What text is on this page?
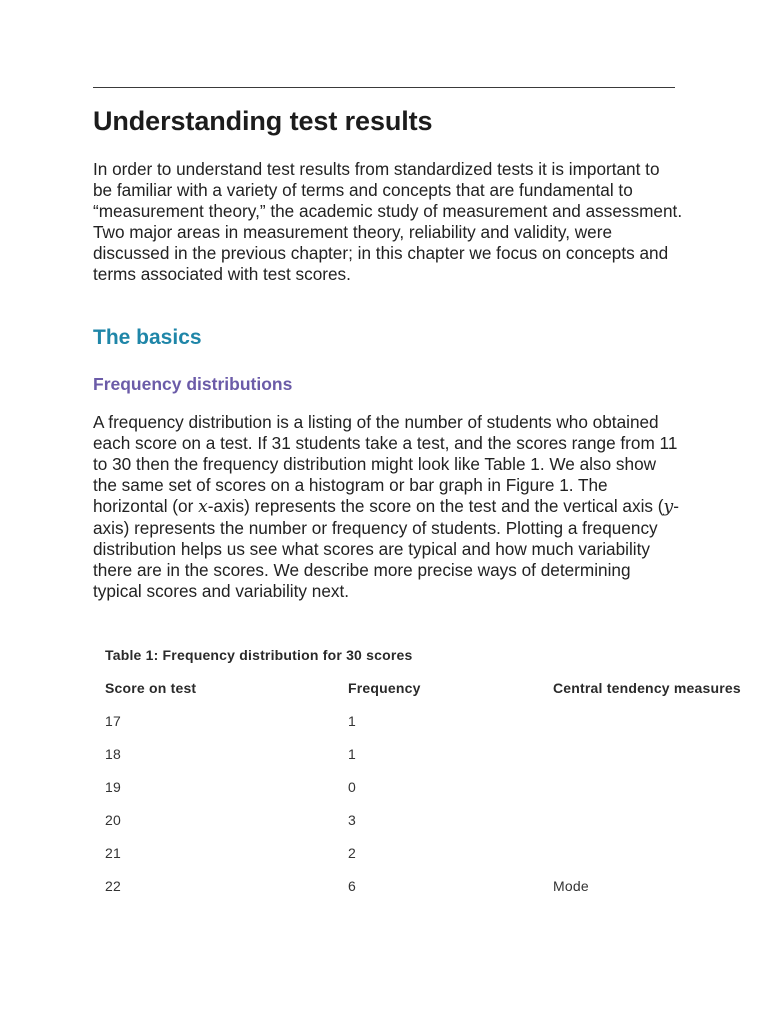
Understanding test results

In order to understand test results from standardized tests it is important to be familiar with a variety of terms and concepts that are fundamental to “measurement theory,” the academic study of measurement and assessment. Two major areas in measurement theory, reliability and validity, were discussed in the previous chapter; in this chapter we focus on concepts and terms associated with test scores.

The basics
Frequency distributions

A frequency distribution is a listing of the number of students who obtained each score on a test. If 31 students take a test, and the scores range from 11 to 30 then the frequency distribution might look like Table 1. We also show the same set of scores on a histogram or bar graph in Figure 1. The horizontal (or x-axis) represents the score on the test and the vertical axis (y-axis) represents the number or frequency of students. Plotting a frequency distribution helps us see what scores are typical and how much variability there are in the scores. We describe more precise ways of determining typical scores and variability next.

Table 1: Frequency distribution for 30 scores

Score on test	Frequency	Central tendency measures
17	1
18	1
19	0
20	3
21	2
22	6	Mode
